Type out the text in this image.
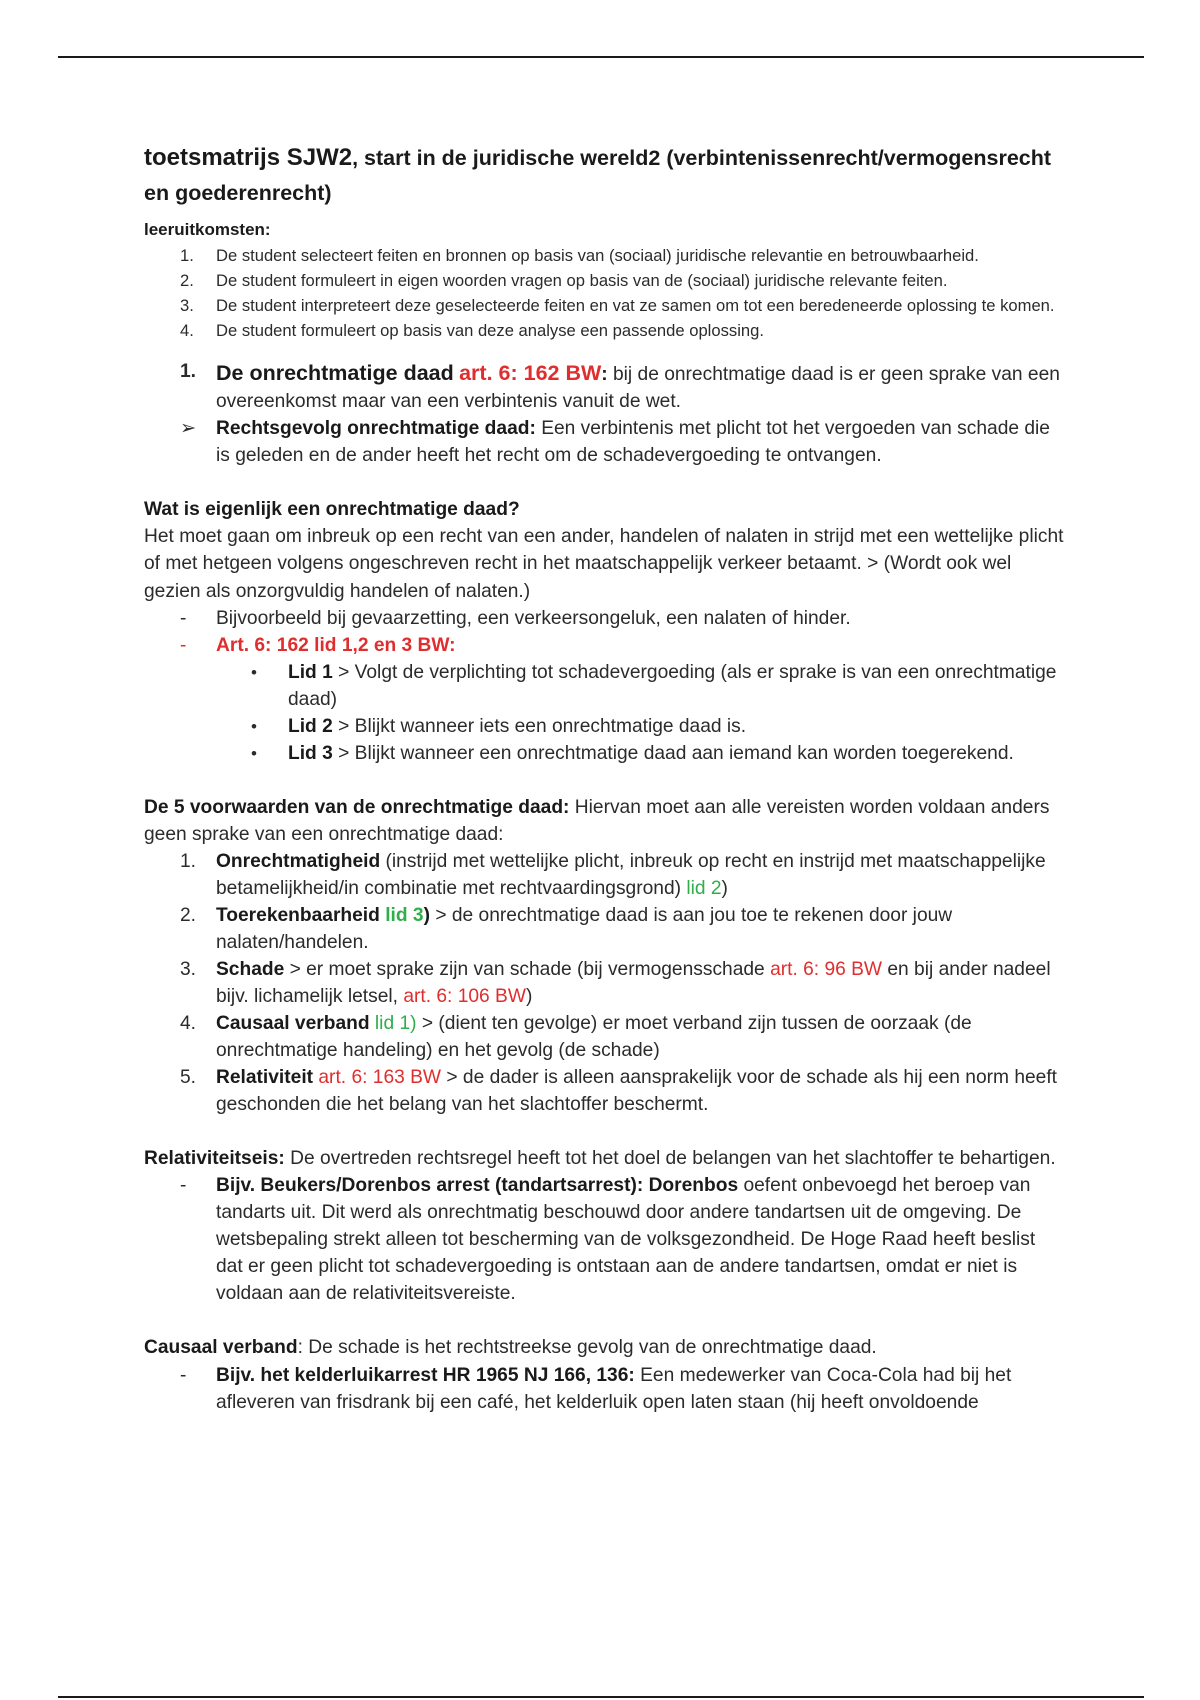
toetsmatrijs SJW2, start in de juridische wereld2 (verbintenissenrecht/vermogensrecht en goederenrecht)

leeruitkomsten:
1. De student selecteert feiten en bronnen op basis van (sociaal) juridische relevantie en betrouwbaarheid.
2. De student formuleert in eigen woorden vragen op basis van de (sociaal) juridische relevante feiten.
3. De student interpreteert deze geselecteerde feiten en vat ze samen om tot een beredeneerde oplossing te komen.
4. De student formuleert op basis van deze analyse een passende oplossing.
1. De onrechtmatige daad art. 6: 162 BW: bij de onrechtmatige daad is er geen sprake van een overeenkomst maar van een verbintenis vanuit de wet.
➢ Rechtsgevolg onrechtmatige daad: Een verbintenis met plicht tot het vergoeden van schade die is geleden en de ander heeft het recht om de schadevergoeding te ontvangen.

Wat is eigenlijk een onrechtmatige daad?

Het moet gaan om inbreuk op een recht van een ander, handelen of nalaten in strijd met een wettelijke plicht of met hetgeen volgens ongeschreven recht in het maatschappelijk verkeer betaamt. > (Wordt ook wel gezien als onzorgvuldig handelen of nalaten.)

- Bijvoorbeeld bij gevaarzetting, een verkeersongeluk, een nalaten of hinder.
- Art. 6: 162 lid 1,2 en 3 BW:
• Lid 1 > Volgt de verplichting tot schadevergoeding (als er sprake is van een onrechtmatige daad)
• Lid 2 > Blijkt wanneer iets een onrechtmatige daad is.
• Lid 3 > Blijkt wanneer een onrechtmatige daad aan iemand kan worden toegerekend.

De 5 voorwaarden van de onrechtmatige daad: Hiervan moet aan alle vereisten worden voldaan anders geen sprake van een onrechtmatige daad:

1. Onrechtmatigheid (instrijd met wettelijke plicht, inbreuk op recht en instrijd met maatschappelijke betamelijkheid/in combinatie met rechtvaardingsgrond) lid 2)
2. Toerekenbaarheid lid 3) > de onrechtmatige daad is aan jou toe te rekenen door jouw nalaten/handelen.
3. Schade > er moet sprake zijn van schade (bij vermogensschade art. 6: 96 BW en bij ander nadeel bijv. lichamelijk letsel, art. 6: 106 BW)
4. Causaal verband lid 1) > (dient ten gevolge) er moet verband zijn tussen de oorzaak (de onrechtmatige handeling) en het gevolg (de schade)
5. Relativiteit art. 6: 163 BW > de dader is alleen aansprakelijk voor de schade als hij een norm heeft geschonden die het belang van het slachtoffer beschermt.

Relativiteitseis: De overtreden rechtsregel heeft tot het doel de belangen van het slachtoffer te behartigen.

- Bijv. Beukers/Dorenbos arrest (tandartsarrest): Dorenbos oefent onbevoegd het beroep van tandarts uit. Dit werd als onrechtmatig beschouwd door andere tandartsen uit de omgeving. De wetsbepaling strekt alleen tot bescherming van de volksgezondheid. De Hoge Raad heeft beslist dat er geen plicht tot schadevergoeding is ontstaan aan de andere tandartsen, omdat er niet is voldaan aan de relativiteitsvereiste.

Causaal verband: De schade is het rechtstreekse gevolg van de onrechtmatige daad.

- Bijv. het kelderluikarrest HR 1965 NJ 166, 136: Een medewerker van Coca-Cola had bij het afleveren van frisdrank bij een café, het kelderluik open laten staan (hij heeft onvoldoende
